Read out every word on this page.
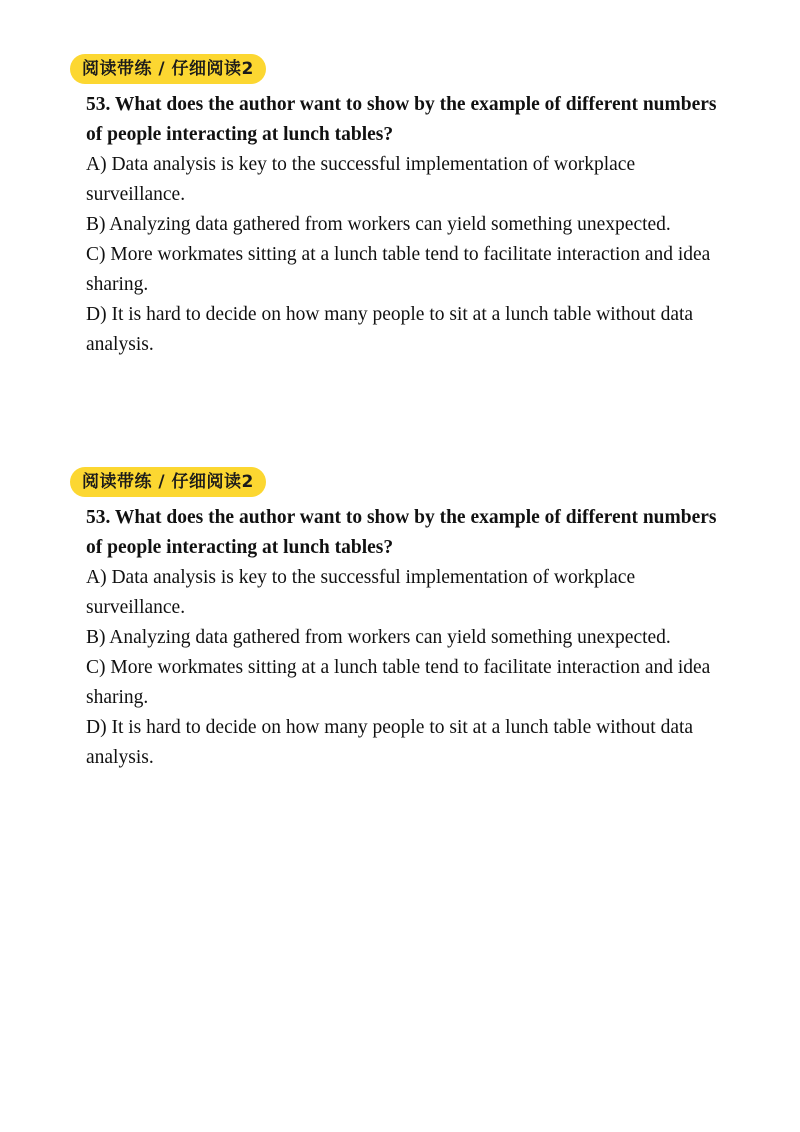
阅读带练 / 仔细阅读2

53. What does the author want to show by the example of different numbers of people interacting at lunch tables?

A) Data analysis is key to the successful implementation of workplace surveillance.

B) Analyzing data gathered from workers can yield something unexpected.

C) More workmates sitting at a lunch table tend to facilitate interaction and idea sharing.

D) It is hard to decide on how many people to sit at a lunch table without data analysis.

阅读带练 / 仔细阅读2

53. What does the author want to show by the example of different numbers of people interacting at lunch tables?

A) Data analysis is key to the successful implementation of workplace surveillance.

B) Analyzing data gathered from workers can yield something unexpected.

C) More workmates sitting at a lunch table tend to facilitate interaction and idea sharing.

D) It is hard to decide on how many people to sit at a lunch table without data analysis.
